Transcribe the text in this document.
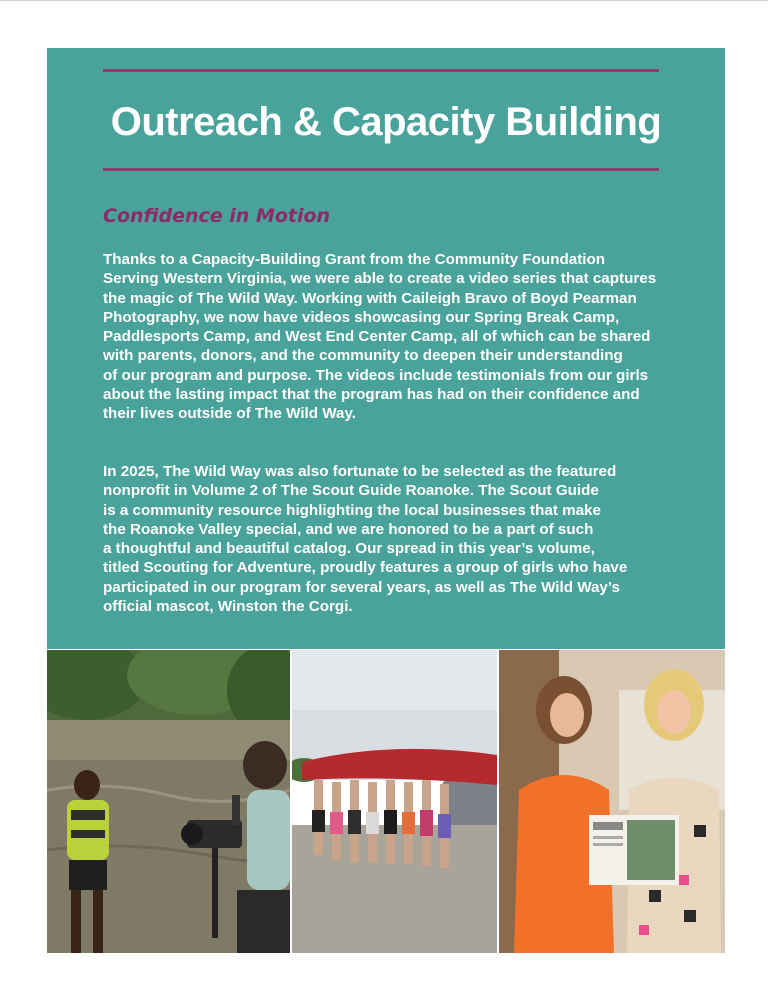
Outreach & Capacity Building
Confidence in Motion
Thanks to a Capacity-Building Grant from the Community Foundation
Serving Western Virginia, we were able to create a video series that captures
the magic of The Wild Way. Working with Caileigh Bravo of Boyd Pearman
Photography, we now have videos showcasing our Spring Break Camp,
Paddlesports Camp, and West End Center Camp, all of which can be shared
with parents, donors, and the community to deepen their understanding
of our program and purpose. The videos include testimonials from our girls
about the lasting impact that the program has had on their confidence and
their lives outside of The Wild Way.
In 2025, The Wild Way was also fortunate to be selected as the featured
nonprofit in Volume 2 of The Scout Guide Roanoke. The Scout Guide
is a community resource highlighting the local businesses that make
the Roanoke Valley special, and we are honored to be a part of such
a thoughtful and beautiful catalog. Our spread in this year’s volume,
titled Scouting for Adventure, proudly features a group of girls who have
participated in our program for several years, as well as The Wild Way’s
official mascot, Winston the Corgi.
